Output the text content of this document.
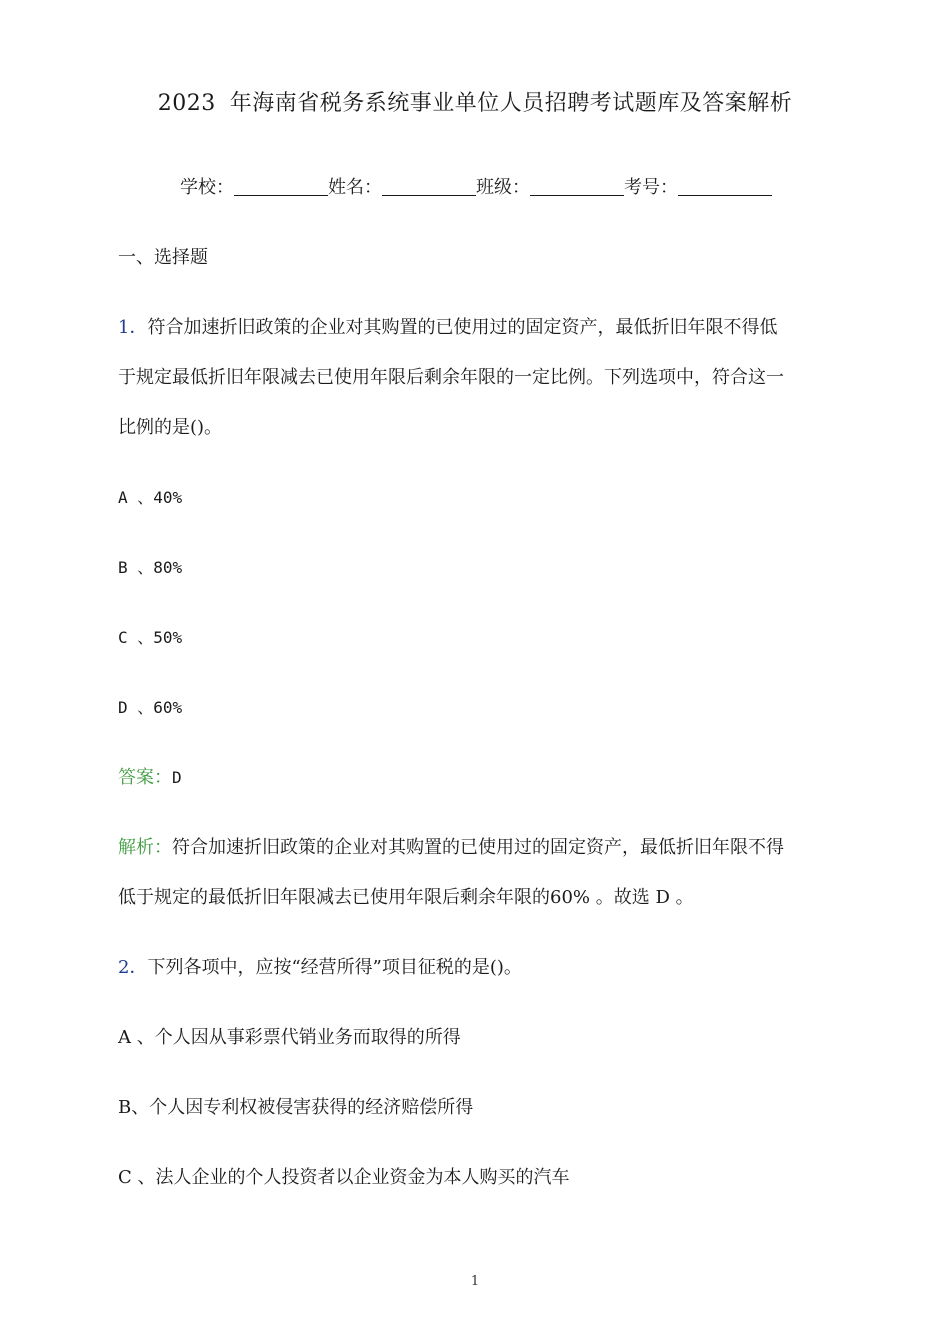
2023 年海南省税务系统事业单位人员招聘考试题库及答案解析
学校：	姓名：	班级：	考号：
一、选择题
1．符合加速折旧政策的企业对其购置的已使用过的固定资产，最低折旧年限不得低
于规定最低折旧年限减去已使用年限后剩余年限的一定比例。下列选项中，符合这一
比例的是()。
A 、40%
B 、80%
C 、50%
D 、60%
答案：D
解析：符合加速折旧政策的企业对其购置的已使用过的固定资产，最低折旧年限不得
低于规定的最低折旧年限减去已使用年限后剩余年限的60% 。故选 D 。
2．下列各项中，应按“经营所得”项目征税的是()。
A 、个人因从事彩票代销业务而取得的所得
B、个人因专利权被侵害获得的经济赔偿所得
C 、法人企业的个人投资者以企业资金为本人购买的汽车
1
